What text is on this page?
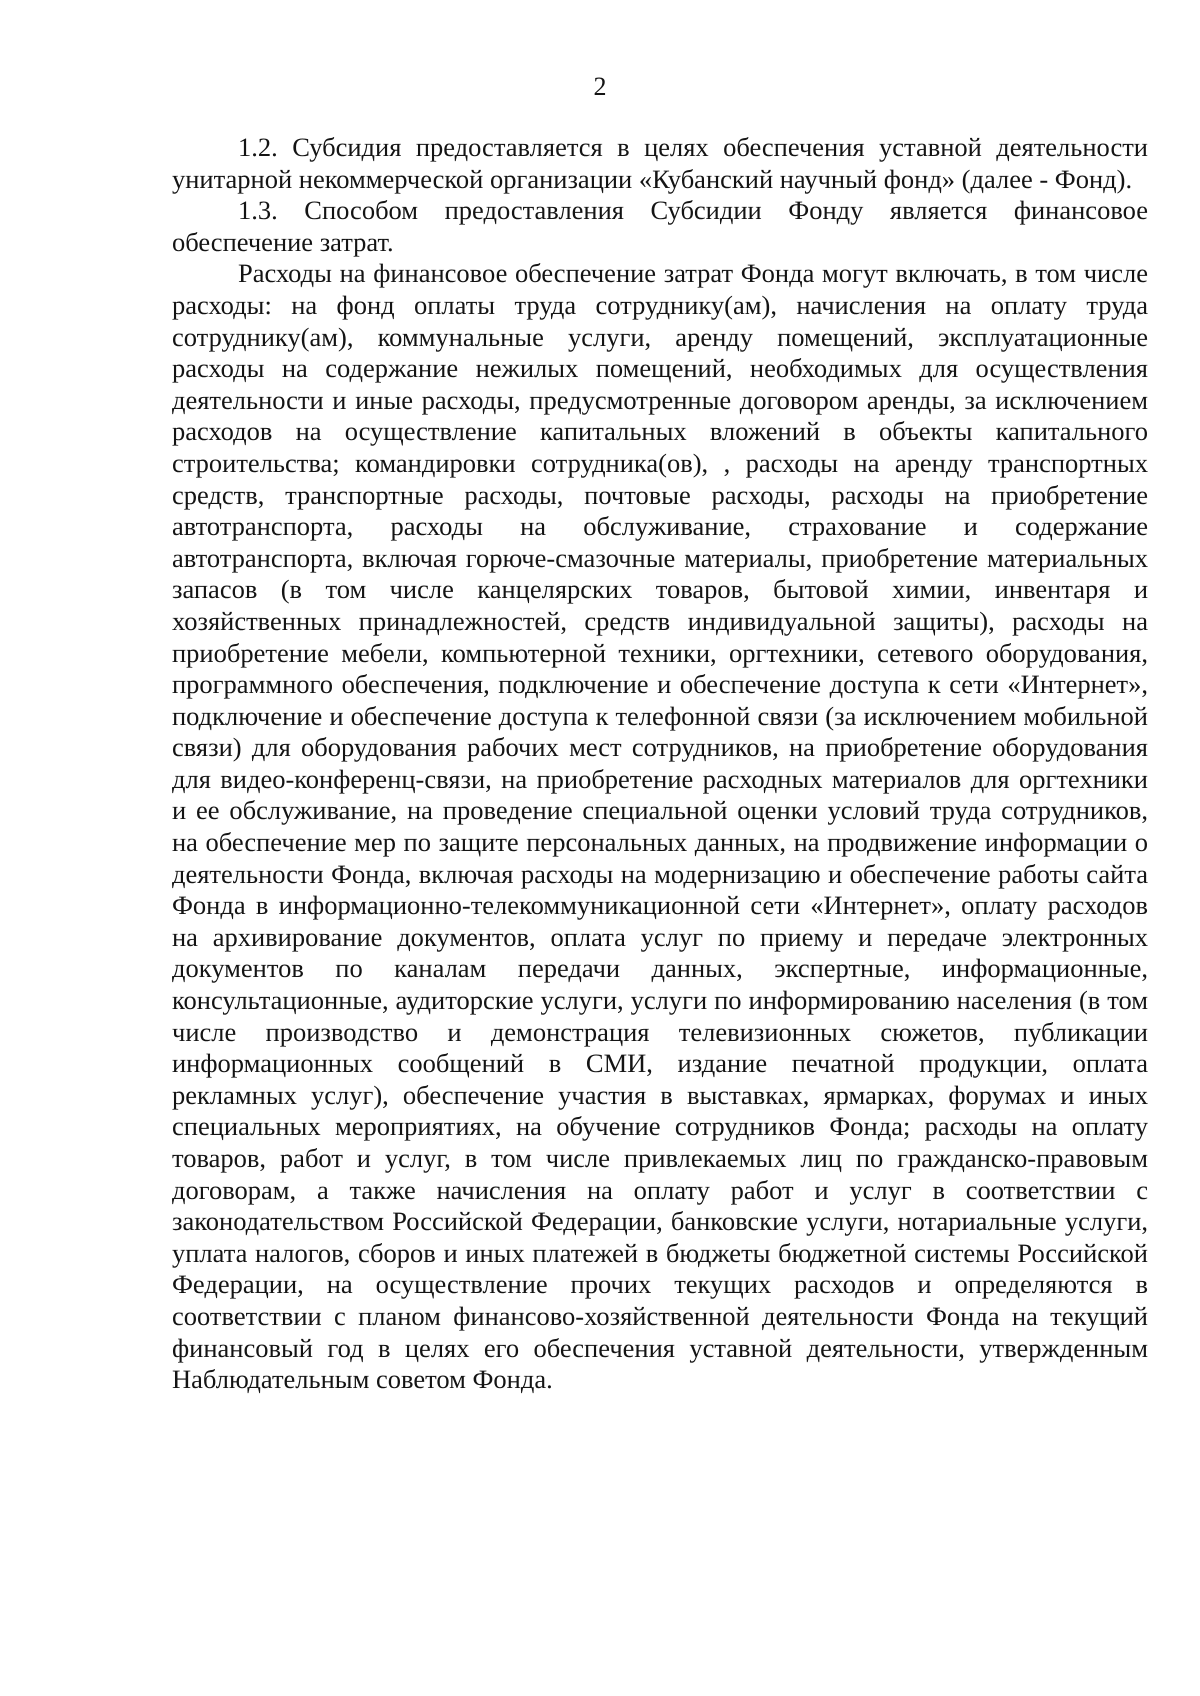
2

1.2. Субсидия предоставляется в целях обеспечения уставной деятельности унитарной некоммерческой организации «Кубанский научный фонд» (далее - Фонд).

1.3. Способом предоставления Субсидии Фонду является финансовое обеспечение затрат.

Расходы на финансовое обеспечение затрат Фонда могут включать, в том числе расходы: на фонд оплаты труда сотруднику(ам), начисления на оплату труда сотруднику(ам), коммунальные услуги, аренду помещений, эксплуатационные расходы на содержание нежилых помещений, необходимых для осуществления деятельности и иные расходы, предусмотренные договором аренды, за исключением расходов на осуществление капитальных вложений в объекты капитального строительства; командировки сотрудника(ов), , расходы на аренду транспортных средств, транспортные расходы, почтовые расходы, расходы на приобретение автотранспорта, расходы на обслуживание, страхование и содержание автотранспорта, включая горюче-смазочные материалы, приобретение материальных запасов (в том числе канцелярских товаров, бытовой химии, инвентаря и хозяйственных принадлежностей, средств индивидуальной защиты), расходы на приобретение мебели, компьютерной техники, оргтехники, сетевого оборудования, программного обеспечения, подключение и обеспечение доступа к сети «Интернет», подключение и обеспечение доступа к телефонной связи (за исключением мобильной связи) для оборудования рабочих мест сотрудников, на приобретение оборудования для видео-конференц-связи, на приобретение расходных материалов для оргтехники и ее обслуживание, на проведение специальной оценки условий труда сотрудников, на обеспечение мер по защите персональных данных, на продвижение информации о деятельности Фонда, включая расходы на модернизацию и обеспечение работы сайта Фонда в информационно-телекоммуникационной сети «Интернет», оплату расходов на архивирование документов, оплата услуг по приему и передаче электронных документов по каналам передачи данных, экспертные, информационные, консультационные, аудиторские услуги, услуги по информированию населения (в том числе производство и демонстрация телевизионных сюжетов, публикации информационных сообщений в СМИ, издание печатной продукции, оплата рекламных услуг), обеспечение участия в выставках, ярмарках, форумах и иных специальных мероприятиях, на обучение сотрудников Фонда; расходы на оплату товаров, работ и услуг, в том числе привлекаемых лиц по гражданско-правовым договорам, а также начисления на оплату работ и услуг в соответствии с законодательством Российской Федерации, банковские услуги, нотариальные услуги, уплата налогов, сборов и иных платежей в бюджеты бюджетной системы Российской Федерации, на осуществление прочих текущих расходов и определяются в соответствии с планом финансово-хозяйственной деятельности Фонда на текущий финансовый год в целях его обеспечения уставной деятельности, утвержденным Наблюдательным советом Фонда.
